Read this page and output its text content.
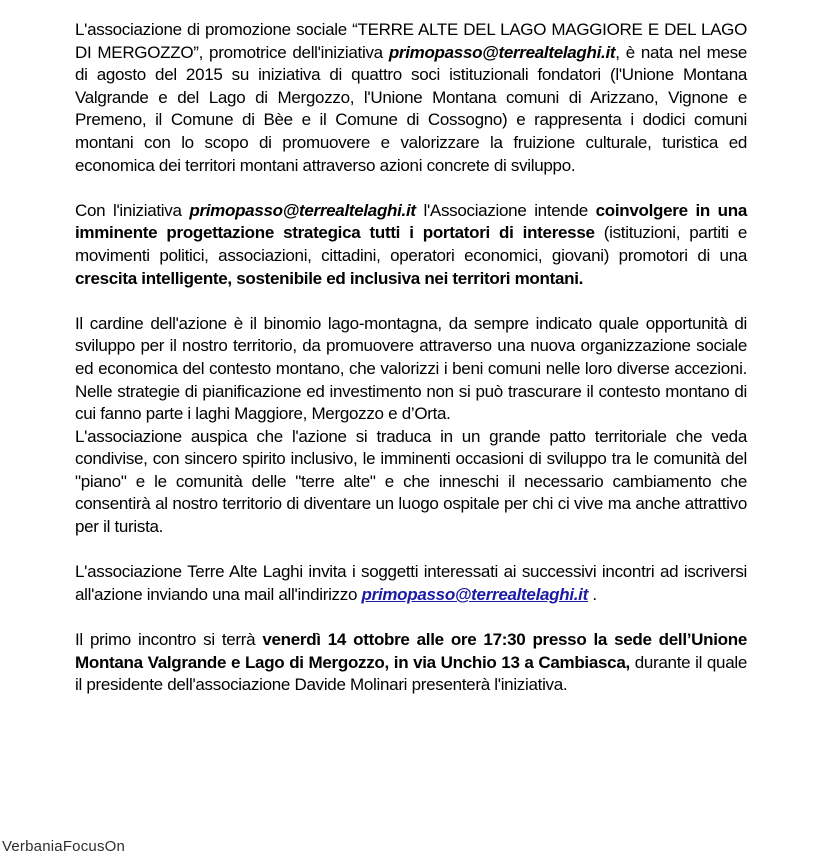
L'associazione di promozione sociale “TERRE ALTE DEL LAGO MAGGIORE E DEL LAGO DI MERGOZZO”, promotrice dell'iniziativa primopasso@terrealtelaghi.it, è nata nel mese di agosto del 2015 su iniziativa di quattro soci istituzionali fondatori (l'Unione Montana Valgrande e del Lago di Mergozzo, l'Unione Montana comuni di Arizzano, Vignone e Premeno, il Comune di Bèe e il Comune di Cossogno) e rappresenta i dodici comuni montani con lo scopo di promuovere e valorizzare la fruizione culturale, turistica ed economica dei territori montani attraverso azioni concrete di sviluppo.

Con l'iniziativa primopasso@terrealtelaghi.it l'Associazione intende coinvolgere in una imminente progettazione strategica tutti i portatori di interesse (istituzioni, partiti e movimenti politici, associazioni, cittadini, operatori economici, giovani) promotori di una crescita intelligente, sostenibile ed inclusiva nei territori montani.

Il cardine dell'azione è il binomio lago-montagna, da sempre indicato quale opportunità di sviluppo per il nostro territorio, da promuovere attraverso una nuova organizzazione sociale ed economica del contesto montano, che valorizzi i beni comuni nelle loro diverse accezioni. Nelle strategie di pianificazione ed investimento non si può trascurare il contesto montano di cui fanno parte i laghi Maggiore, Mergozzo e d’Orta.

L'associazione auspica che l'azione si traduca in un grande patto territoriale che veda condivise, con sincero spirito inclusivo, le imminenti occasioni di sviluppo tra le comunità del "piano" e le comunità delle "terre alte" e che inneschi il necessario cambiamento che consentirà al nostro territorio di diventare un luogo ospitale per chi ci vive ma anche attrattivo per il turista.

L'associazione Terre Alte Laghi invita i soggetti interessati ai successivi incontri ad iscriversi all'azione inviando una mail all'indirizzo primopasso@terrealtelaghi.it .

Il primo incontro si terrà venerdì 14 ottobre alle ore 17:30 presso la sede dell’Unione Montana Valgrande e Lago di Mergozzo, in via Unchio 13 a Cambiasca, durante il quale il presidente dell'associazione Davide Molinari presenterà l'iniziativa.

VerbaniaFocusOn
